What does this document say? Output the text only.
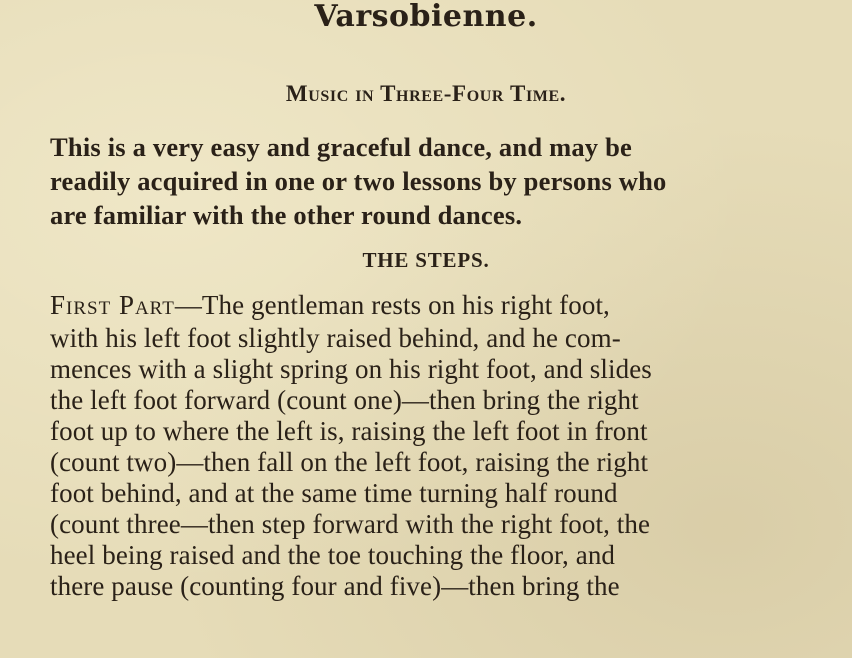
Varsobienne.
Music in Three-Four Time.
This is a very easy and graceful dance, and may be
readily acquired in one or two lessons by persons who
are familiar with the other round dances.
THE STEPS.
First Part—The gentleman rests on his right foot,
with his left foot slightly raised behind, and he com-
mences with a slight spring on his right foot, and slides
the left foot forward (count one)—then bring the right
foot up to where the left is, raising the left foot in front
(count two)—then fall on the left foot, raising the right
foot behind, and at the same time turning half round
(count three—then step forward with the right foot, the
heel being raised and the toe touching the floor, and
there pause (counting four and five)—then bring the
